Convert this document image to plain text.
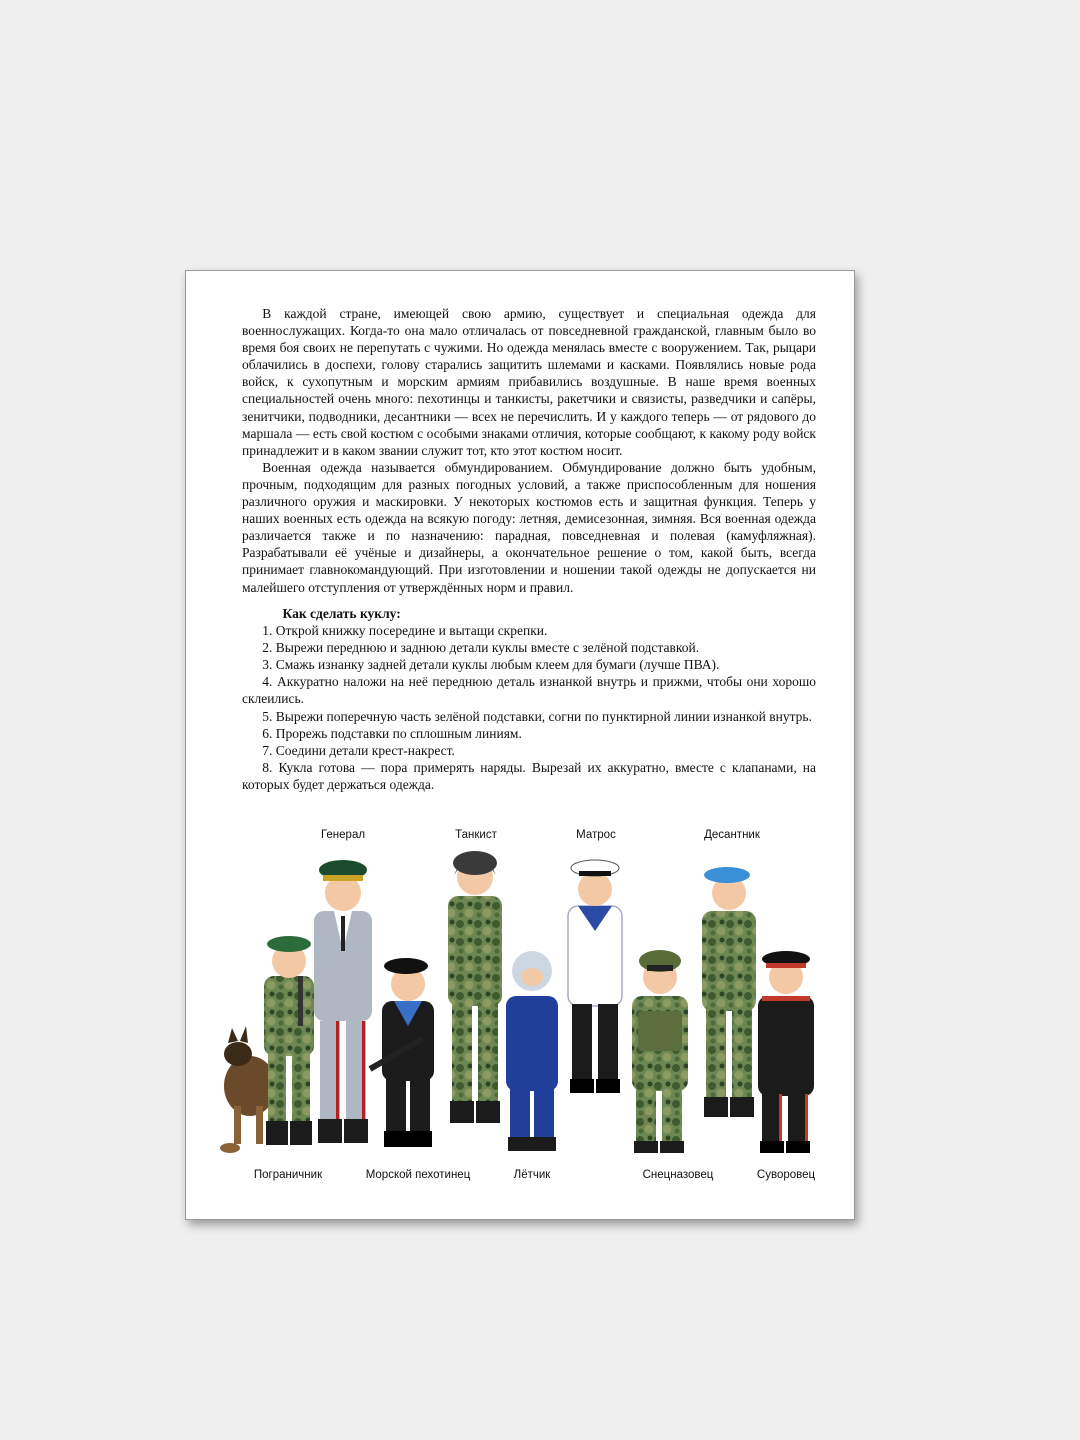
В каждой стране, имеющей свою армию, существует и специальная одежда для военнослужащих. Когда-то она мало отличалась от повседневной гражданской, главным было во время боя своих не перепутать с чужими. Но одежда менялась вместе с вооружением. Так, рыцари облачились в доспехи, голову старались защитить шлемами и касками. Появлялись новые рода войск, к сухопутным и морским армиям прибавились воздушные. В наше время военных специальностей очень много: пехотинцы и танкисты, ракетчики и связисты, разведчики и сапёры, зенитчики, подводники, десантники — всех не перечислить. И у каждого теперь — от рядового до маршала — есть свой костюм с особыми знаками отличия, которые сообщают, к какому роду войск принадлежит и в каком звании служит тот, кто этот костюм носит.

Военная одежда называется обмундированием. Обмундирование должно быть удобным, прочным, подходящим для разных погодных условий, а также приспособленным для ношения различного оружия и маскировки. У некоторых костюмов есть и защитная функция. Теперь у наших военных есть одежда на всякую погоду: летняя, демисезонная, зимняя. Вся военная одежда различается также и по назначению: парадная, повседневная и полевая (камуфляжная). Разрабатывали её учёные и дизайнеры, а окончательное решение о том, какой быть, всегда принимает главнокомандующий. При изготовлении и ношении такой одежды не допускается ни малейшего отступления от утверждённых норм и правил.

Как сделать куклу:

1. Открой книжку посередине и вытащи скрепки.

2. Вырежи переднюю и заднюю детали куклы вместе с зелёной подставкой.

3. Смажь изнанку задней детали куклы любым клеем для бумаги (лучше ПВА).

4. Аккуратно наложи на неё переднюю деталь изнанкой внутрь и прижми, чтобы они хорошо склеились.

5. Вырежи поперечную часть зелёной подставки, согни по пунктирной линии изнанкой внутрь.

6. Прорежь подставки по сплошным линиям.

7. Соедини детали крест-накрест.

8. Кукла готова — пора примерять наряды. Вырезай их аккуратно, вместе с клапанами, на которых будет держаться одежда.

Генерал	Танкист	Матрос	Десантник
Пограничник	Морской пехотинец	Лётчик	Снецназовец	Суворовец
